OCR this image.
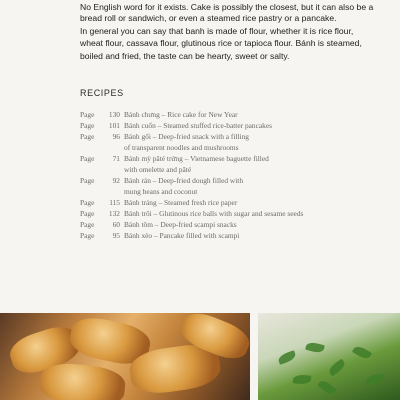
No English word for it exists. Cake is possibly the closest, but it can also be a
bread roll or sandwich, or even a steamed rice pastry or a pancake.
In general you can say that banh is made of flour, whether it is rice flour,
wheat flour, cassava flour, glutinous rice or tapioca flour. Bánh is steamed,
boiled and fried, the taste can be hearty, sweet or salty.
RECIPES
Page	130 Bánh chưng – Rice cake for New Year
Page	101 Bánh cuốn – Steamed stuffed rice-batter pancakes
Page	96 Bánh gối – Deep-fried snack with a filling
of transparent noodles and mushrooms
Page	71 Bánh mỳ pâté trứng – Vietnamese baguette filled
with omelette and pâté
Page	92 Bánh rán – Deep-fried dough filled with
mung beans and coconut
Page	115 Bánh tráng – Steamed fresh rice paper
Page	132 Bánh trôi – Glutinous rice balls with sugar and sesame seeds
Page	60 Bánh tôm – Deep-fried scampi snacks
Page	95 Bánh xèo – Pancake filled with scampi
